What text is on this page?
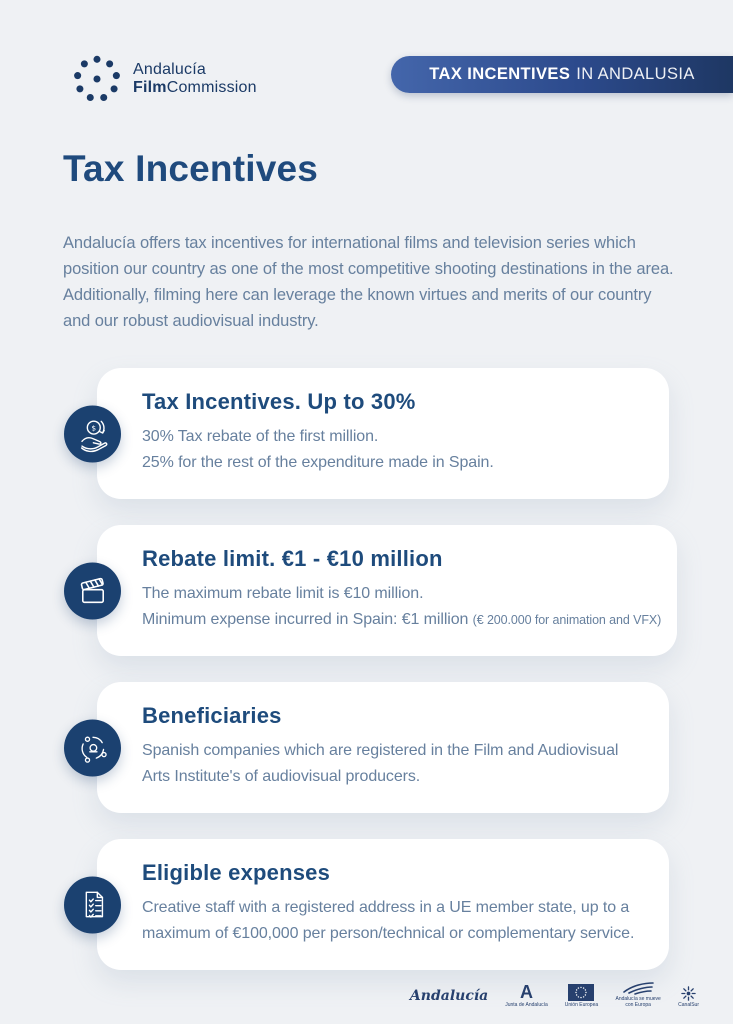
Andalucía
FilmCommission
TAX INCENTIVES IN ANDALUSIA
Tax Incentives

Andalucía offers tax incentives for international films and television series which position our country as one of the most competitive shooting destinations in the area. Additionally, filming here can leverage the known virtues and merits of our country and our robust audiovisual industry.

$
Tax Incentives. Up to 30%

30% Tax rebate of the first million.

25% for the rest of the expenditure made in Spain.

Rebate limit. €1 - €10 million

The maximum rebate limit is €10 million.

Minimum expense incurred in Spain: €1 million (€ 200.000 for animation and VFX)

Beneficiaries

Spanish companies which are registered in the Film and Audiovisual Arts Institute's of audiovisual producers.

Eligible expenses

Creative staff with a registered address in a UE member state, up to a maximum of €100,000 per person/technical or complementary service.

Andalucía A
Junta de Andalucía	Unión Europea
Andalucía se mueve con Europa	CanalSur
